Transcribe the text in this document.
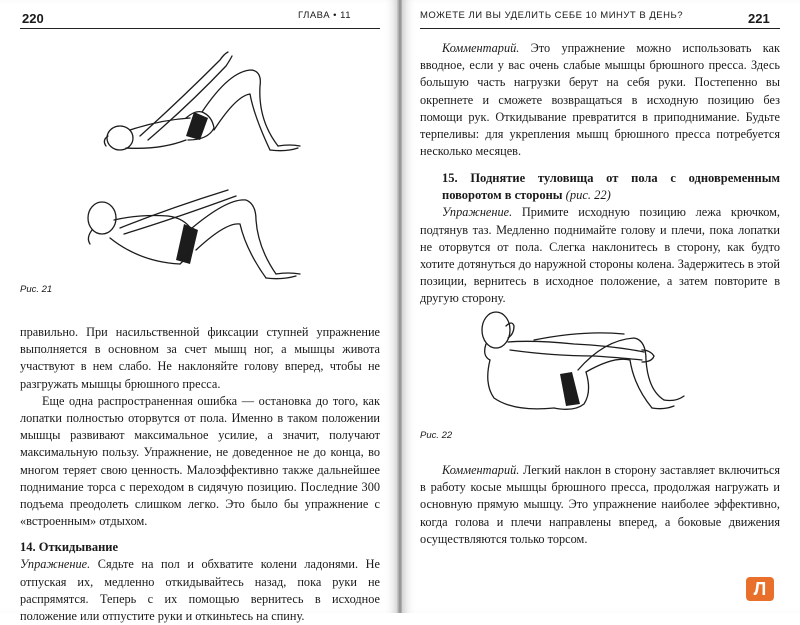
220	ГЛАВА • 11
Рис. 21

правильно. При насильственной фиксации ступней упражнение выполняется в основном за счет мышц ног, а мышцы живота участвуют в нем слабо. Не наклоняйте голову вперед, чтобы не разгружать мышцы брюшного пресса.

Еще одна распространенная ошибка — остановка до того, как лопатки полностью оторвутся от пола. Именно в таком положении мышцы развивают максимальное усилие, а значит, получают максимальную пользу. Упражнение, не доведенное не до конца, во многом теряет свою ценность. Малоэффективно также дальнейшее поднимание торса с переходом в сидячую позицию. Последние 300 подъема преодолеть слишком легко. Это было бы упражнение с «встроенным» отдыхом.

14. Откидывание

Упражнение. Сядьте на пол и обхватите колени ладонями. Не отпуская их, медленно откидывайтесь назад, пока руки не распрямятся. Теперь с их помощью вернитесь в исходное положение или отпустите руки и откиньтесь на спину.

МОЖЕТЕ ЛИ ВЫ УДЕЛИТЬ СЕБЕ 10 МИНУТ В ДЕНЬ?	221

Комментарий. Это упражнение можно использовать как вводное, если у вас очень слабые мышцы брюшного пресса. Здесь большую часть нагрузки берут на себя руки. Постепенно вы окрепнете и сможете возвращаться в исходную позицию без помощи рук. Откидывание превратится в приподнимание. Будьте терпеливы: для укрепления мышц брюшного пресса потребуется несколько месяцев.

15. Поднятие туловища от пола с одновременным поворотом в стороны (рис. 22)

Упражнение. Примите исходную позицию лежа крючком, подтянув таз. Медленно поднимайте голову и плечи, пока лопатки не оторвутся от пола. Слегка наклонитесь в сторону, как будто хотите дотянуться до наружной стороны колена. Задержитесь в этой позиции, вернитесь в исходное положение, а затем повторите в другую сторону.

Рис. 22

Комментарий. Легкий наклон в сторону заставляет включиться в работу косые мышцы брюшного пресса, продолжая нагружать и основную прямую мышцу. Это упражнение наиболее эффективно, когда голова и плечи направлены вперед, а боковые движения осуществляются только торсом.

Л
